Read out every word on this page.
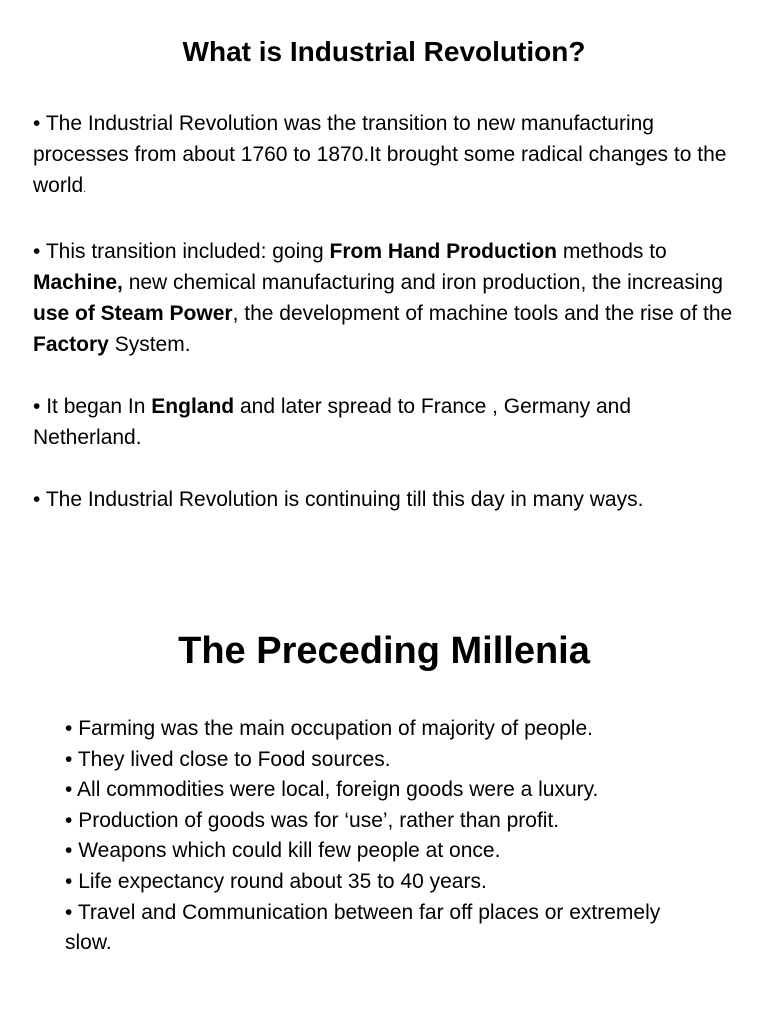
What is Industrial Revolution?

• The Industrial Revolution was the transition to new manufacturing processes from about 1760 to 1870.It brought some radical changes to the world.

• This transition included: going From Hand Production methods to Machine, new chemical manufacturing and iron production, the increasing use of Steam Power, the development of machine tools and the rise of the Factory System.

• It began In England and later spread to France , Germany and Netherland.

• The Industrial Revolution is continuing till this day in many ways.

The Preceding Millenia
• Farming was the main occupation of majority of people.
• They lived close to Food sources.
• All commodities were local, foreign goods were a luxury.
• Production of goods was for ‘use’, rather than profit.
• Weapons which could kill few people at once.
• Life expectancy round about 35 to 40 years.
• Travel and Communication between far off places or extremely slow.
